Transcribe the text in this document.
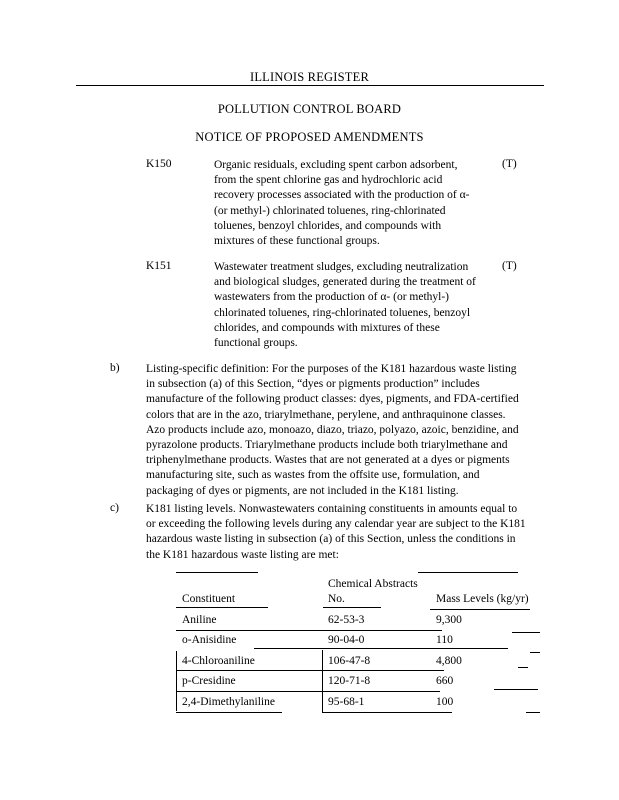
ILLINOIS REGISTER
POLLUTION CONTROL BOARD
NOTICE OF PROPOSED AMENDMENTS
K150	Organic residuals, excluding spent carbon adsorbent,
from the spent chlorine gas and hydrochloric acid
recovery processes associated with the production of α-
(or methyl-) chlorinated toluenes, ring-chlorinated
toluenes, benzoyl chlorides, and compounds with
mixtures of these functional groups.
(T)
K151	Wastewater treatment sludges, excluding neutralization
and biological sludges, generated during the treatment of
wastewaters from the production of α- (or methyl-)
chlorinated toluenes, ring-chlorinated toluenes, benzoyl
chlorides, and compounds with mixtures of these
functional groups.
(T)
b) Listing-specific definition: For the purposes of the K181 hazardous waste listing
in subsection (a) of this Section, “dyes or pigments production” includes
manufacture of the following product classes: dyes, pigments, and FDA-certified
colors that are in the azo, triarylmethane, perylene, and anthraquinone classes.
Azo products include azo, monoazo, diazo, triazo, polyazo, azoic, benzidine, and
pyrazolone products. Triarylmethane products include both triarylmethane and
triphenylmethane products. Wastes that are not generated at a dyes or pigments
manufacturing site, such as wastes from the offsite use, formulation, and
packaging of dyes or pigments, are not included in the K181 listing.
c) K181 listing levels. Nonwastewaters containing constituents in amounts equal to
or exceeding the following levels during any calendar year are subject to the K181
hazardous waste listing in subsection (a) of this Section, unless the conditions in
the K181 hazardous waste listing are met:
Chemical Abstracts
Constituent	No.	Mass Levels (kg/yr)
Aniline	62-53-3	9,300
o-Anisidine	90-04-0	110
4-Chloroaniline	106-47-8	4,800
p-Cresidine	120-71-8	660
2,4-Dimethylaniline	95-68-1	100
